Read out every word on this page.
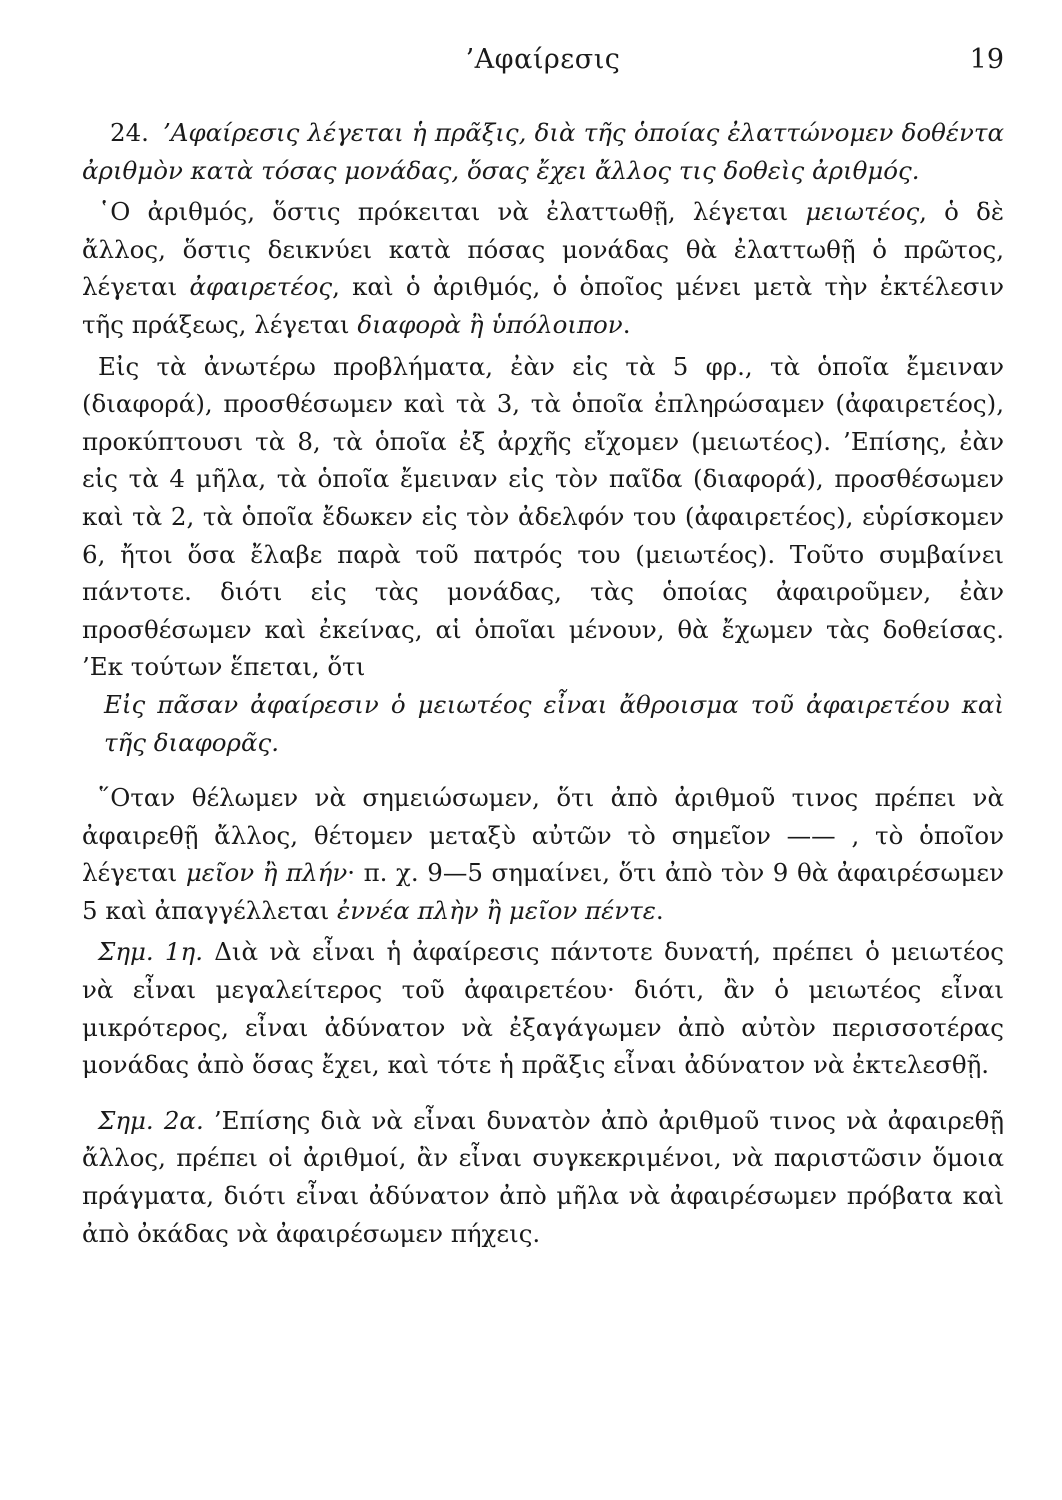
’Αφαίρεσις	19

24. ’Αφαίρεσις λέγεται ἡ πρᾶξις, διὰ τῆς ὁποίας ἐλαττώνομεν δοθέντα ἀριθμὸν κατὰ τόσας μονάδας, ὅσας ἔχει ἄλλος τις δοθεὶς ἀριθμός.

῾Ο ἀριθμός, ὅστις πρόκειται νὰ ἐλαττωθῇ, λέγεται μειωτέος, ὁ δὲ ἄλλος, ὅστις δεικνύει κατὰ πόσας μονάδας θὰ ἐλαττωθῇ ὁ πρῶτος, λέγεται ἀφαιρετέος, καὶ ὁ ἀριθμός, ὁ ὁποῖος μένει μετὰ τὴν ἐκτέλεσιν τῆς πράξεως, λέγεται διαφορὰ ἢ ὑπόλοιπον.

Εἰς τὰ ἀνωτέρω προβλήματα, ἐὰν εἰς τὰ 5 φρ., τὰ ὁποῖα ἔμειναν (διαφορά), προσθέσωμεν καὶ τὰ 3, τὰ ὁποῖα ἐπληρώσαμεν (ἀφαιρετέος), προκύπτουσι τὰ 8, τὰ ὁποῖα ἐξ ἀρχῆς εἴχομεν (μειωτέος). ’Επίσης, ἐὰν εἰς τὰ 4 μῆλα, τὰ ὁποῖα ἔμειναν εἰς τὸν παῖδα (διαφορά), προσθέσωμεν καὶ τὰ 2, τὰ ὁποῖα ἔδωκεν εἰς τὸν ἀδελφόν του (ἀφαιρετέος), εὑρίσκομεν 6, ἤτοι ὅσα ἔλαβε παρὰ τοῦ πατρός του (μειωτέος). Τοῦτο συμβαίνει πάντοτε. διότι εἰς τὰς μονάδας, τὰς ὁποίας ἀφαιροῦμεν, ἐὰν προσθέσωμεν καὶ ἐκείνας, αἱ ὁποῖαι μένουν, θὰ ἔχωμεν τὰς δοθείσας. ’Εκ τούτων ἕπεται, ὅτι

Εἰς πᾶσαν ἀφαίρεσιν ὁ μειωτέος εἶναι ἄθροισμα τοῦ ἀφαιρετέου καὶ τῆς διαφορᾶς.

῞Οταν θέλωμεν νὰ σημειώσωμεν, ὅτι ἀπὸ ἀριθμοῦ τινος πρέπει νὰ ἀφαιρεθῇ ἄλλος, θέτομεν μεταξὺ αὐτῶν τὸ σημεῖον —— , τὸ ὁποῖον λέγεται μεῖον ἢ πλήν· π. χ. 9—5 σημαίνει, ὅτι ἀπὸ τὸν 9 θὰ ἀφαιρέσωμεν 5 καὶ ἀπαγγέλλεται ἐννέα πλὴν ἢ μεῖον πέντε.

Σημ. 1η. Διὰ νὰ εἶναι ἡ ἀφαίρεσις πάντοτε δυνατή, πρέπει ὁ μειωτέος νὰ εἶναι μεγαλείτερος τοῦ ἀφαιρετέου· διότι, ἂν ὁ μειωτέος εἶναι μικρότερος, εἶναι ἀδύνατον νὰ ἐξαγάγωμεν ἀπὸ αὐτὸν περισσοτέρας μονάδας ἀπὸ ὅσας ἔχει, καὶ τότε ἡ πρᾶξις εἶναι ἀδύνατον νὰ ἐκτελεσθῇ.

Σημ. 2α. ’Επίσης διὰ νὰ εἶναι δυνατὸν ἀπὸ ἀριθμοῦ τινος νὰ ἀφαιρεθῇ ἄλλος, πρέπει οἱ ἀριθμοί, ἂν εἶναι συγκεκριμένοι, νὰ παριστῶσιν ὅμοια πράγματα, διότι εἶναι ἀδύνατον ἀπὸ μῆλα νὰ ἀφαιρέσωμεν πρόβατα καὶ ἀπὸ ὀκάδας νὰ ἀφαιρέσωμεν πήχεις.
